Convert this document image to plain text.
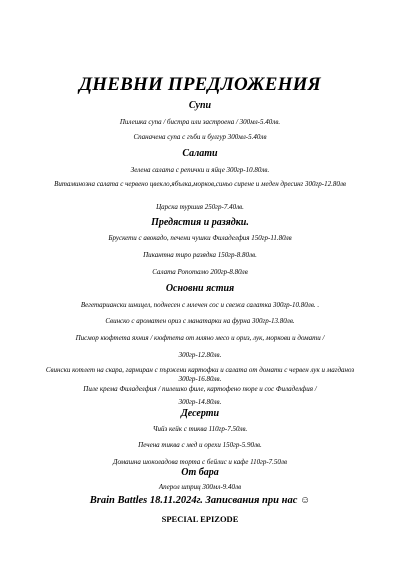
ДНЕВНИ ПРЕДЛОЖЕНИЯ
Супи
Пилешка супа / бистра или застроена / 300мл-5.40лв.
Спаначена супа с гъби и булгур 300мл-5.40лв
Салати
Зелена салата с репички и яйце 300гр-10.80лв.
Витаминозна салата с червено цвекло,ябълка,морков,синьо сирене и меден дресинг 300гр-12.80лв
Царска туршия 250гр-7.40лв.
Предястия и разядки.
Брускети с авокадо, печени чушки Филаделфия 150гр-11.80лв
Пикантна тиро разядка 150гр-8.80лв.
Салата Ропотамо 200гр-8.80лв
Основни ястия
Вегетариански шницел, поднесен с млечен сос и свежа салатка 300гр-10.80лв. .
Свинско с ароматен ориз с манатарки на фурна 300гр-13.80лв.
Писмор кюфтета яхния / кюфтета от мляно месо и ориз, лук, моркови и домати /
300гр-12.80лв.
Свински котлет на скара, гарниран с пържени картофки и салата от домати с червен лук и магданоз 300гр-16.80лв.
Пиле крема Филаделфия / пилешко филе, картофено пюре и сос Филаделфия /
300гр-14.80лв.
Десерти
Brain Battles 18.11.2024г. Записвания при нас ☺
SPECIAL EPIZODE
Чийз кейк с тиква 110гр-7.50лв.
Печена тиква с мед и орехи 150гр-5.90лв.
Домашна шоколадова торта с бейлис и кафе 110гр-7.50лв
От бара
Аперол шприц 300мл-9.40лв
